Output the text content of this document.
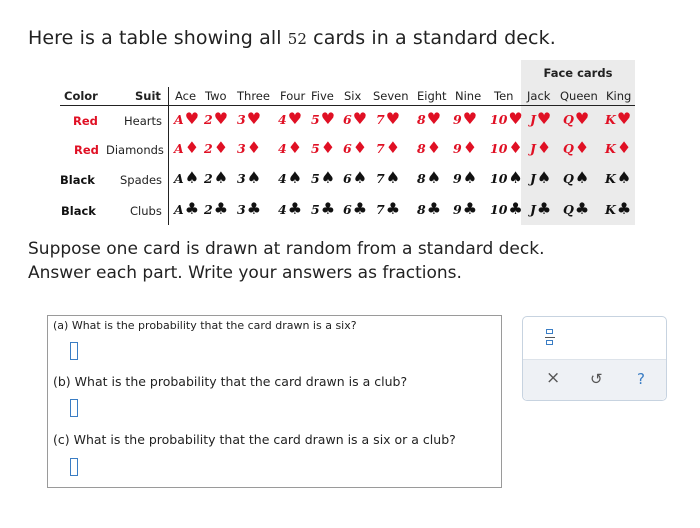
Here is a table showing all 52 cards in a standard deck.
Face cards
Color	Suit Ace Two Three Four Five Six Seven Eight Nine Ten Jack Queen King
Red Hearts A ♥ 2 ♥ 3 ♥ 4 ♥ 5 ♥ 6 ♥ 7 ♥ 8 ♥ 9 ♥ 10 ♥ J ♥ Q ♥ K ♥
Red Diamonds A ♦ 2 ♦ 3 ♦ 4 ♦ 5 ♦ 6 ♦ 7 ♦ 8 ♦ 9 ♦ 10 ♦ J ♦ Q ♦ K ♦
Black Spades A ♠ 2 ♠ 3 ♠ 4 ♠ 5 ♠ 6 ♠ 7 ♠ 8 ♠ 9 ♠ 10 ♠ J ♠ Q ♠ K ♠
Black	Clubs A ♣ 2 ♣ 3 ♣ 4 ♣ 5 ♣ 6 ♣ 7 ♣ 8 ♣ 9 ♣ 10 ♣ J ♣ Q ♣ K ♣

Suppose one card is drawn at random from a standard deck.

Answer each part. Write your answers as fractions.

(a) What is the probability that the card drawn is a six?
(b) What is the probability that the card drawn is a club?
(c) What is the probability that the card drawn is a six or a club?
× ↺ ?
